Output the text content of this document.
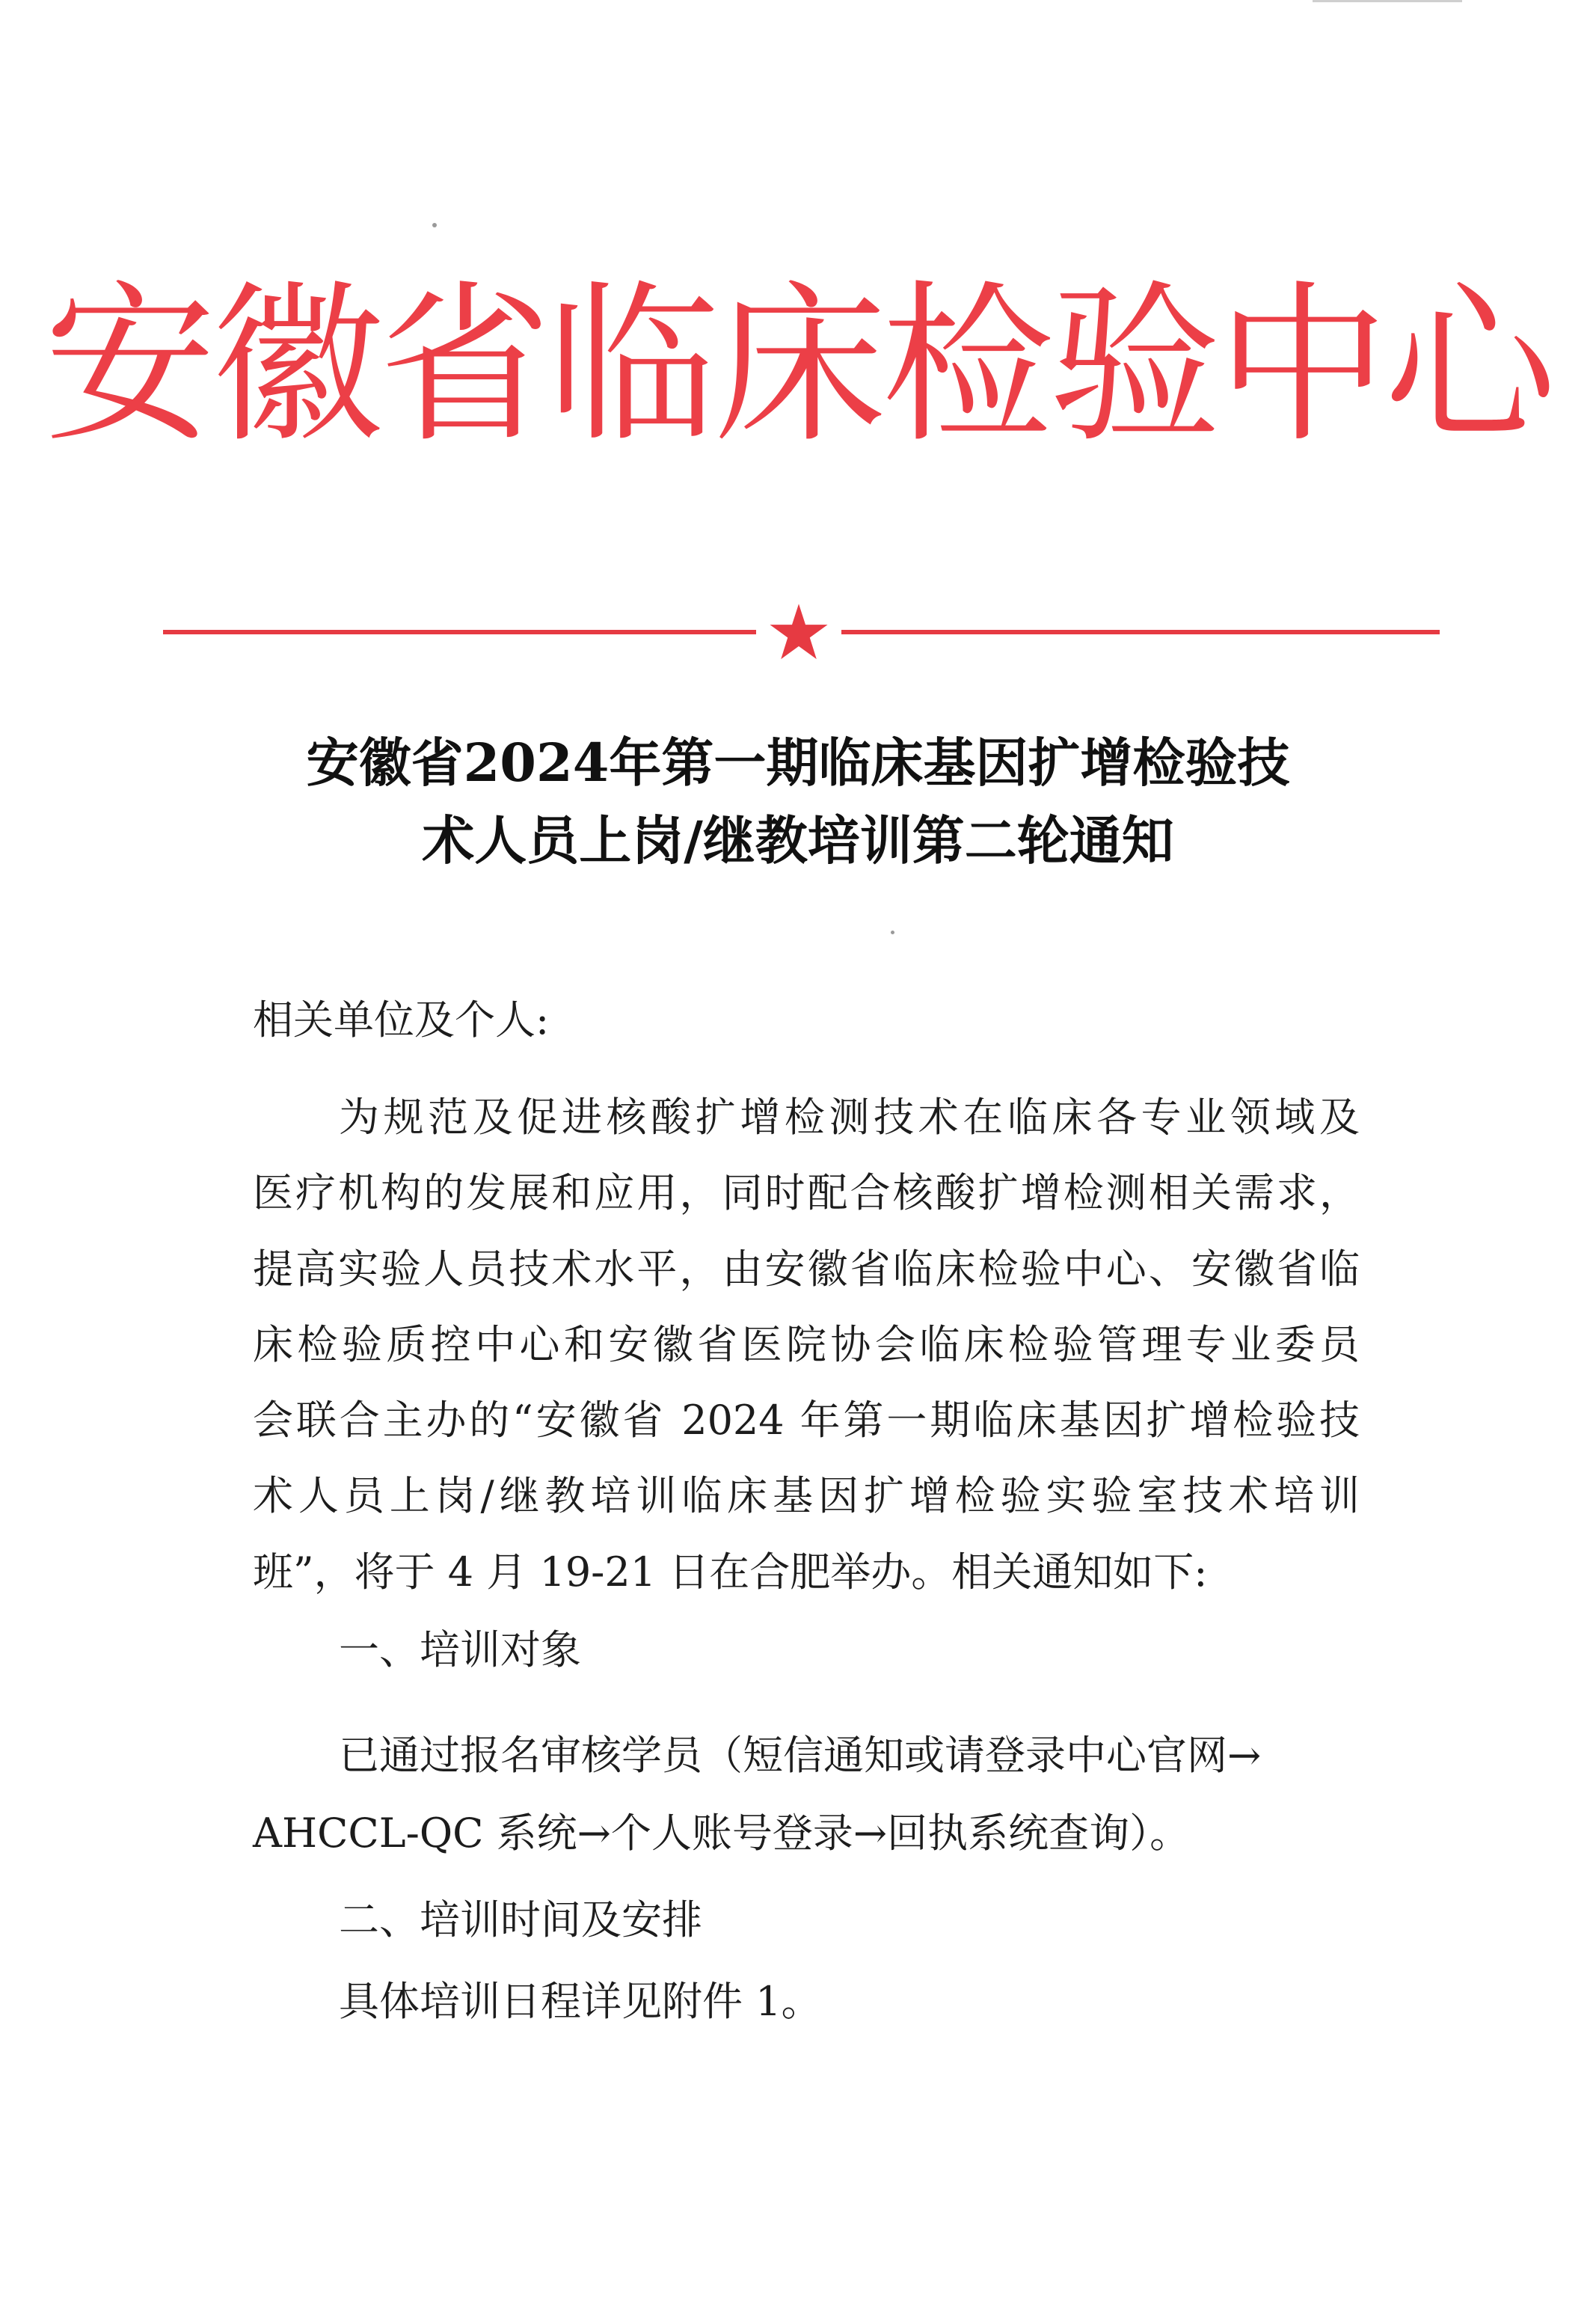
安徽省临床检验中心
安徽省2024年第一期临床基因扩增检验技
术人员上岗/继教培训第二轮通知
相关单位及个人:
为规范及促进核酸扩增检测技术在临床各专业领域及
医疗机构的发展和应用，同时配合核酸扩增检测相关需求，
提高实验人员技术水平，由安徽省临床检验中心、安徽省临
床检验质控中心和安徽省医院协会临床检验管理专业委员
会联合主办的“安徽省 2024 年第一期临床基因扩增检验技
术人员上岗/继教培训临床基因扩增检验实验室技术培训
班”，将于 4 月 19-21 日在合肥举办。相关通知如下:
一、培训对象
已通过报名审核学员（短信通知或请登录中心官网→
AHCCL-QC 系统→个人账号登录→回执系统查询）。
二、培训时间及安排
具体培训日程详见附件 1。
